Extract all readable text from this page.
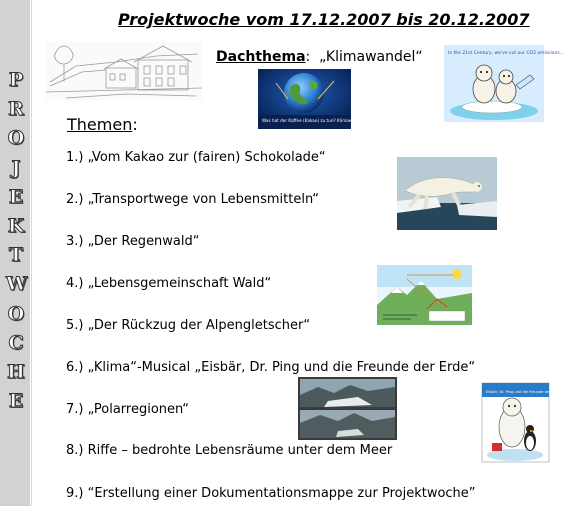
P
R
O
J
E
K
T
W
O
C
H
E
Projektwoche vom 17.12.2007 bis 20.12.2007
Dachthema: „Klimawandel“
Was hat der Kaffee (Kakao) zu tun? Klimawandel oder Wetterausnahme?
In the 21st Century, we've cut our CO2 emissions...
Themen:
1.) „Vom Kakao zur (fairen) Schokolade“
2.) „Transportwege von Lebensmitteln“
3.) „Der Regenwald“
4.) „Lebensgemeinschaft Wald“
5.) „Der Rückzug der Alpengletscher“
6.) „Klima“-Musical „Eisbär, Dr. Ping und die Freunde der Erde“
7.) „Polarregionen“
8.) Riffe – bedrohte Lebensräume unter dem Meer
9.) “Erstellung einer Dokumentationsmappe zur Projektwoche”
Eisbär, Dr. Ping und die Freunde der Erde
